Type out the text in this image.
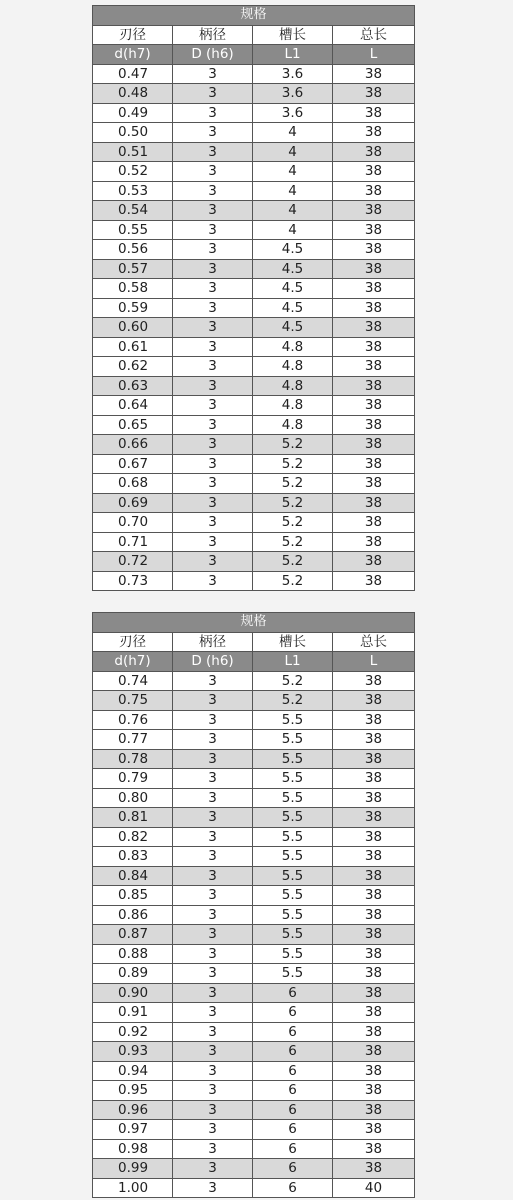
规格			
刃径	柄径	槽长	总长
d(h7)	D (h6)	L1	L
0.47	3	3.6	38
0.48	3	3.6	38
0.49	3	3.6	38
0.50	3	4	38
0.51	3	4	38
0.52	3	4	38
0.53	3	4	38
0.54	3	4	38
0.55	3	4	38
0.56	3	4.5	38
0.57	3	4.5	38
0.58	3	4.5	38
0.59	3	4.5	38
0.60	3	4.5	38
0.61	3	4.8	38
0.62	3	4.8	38
0.63	3	4.8	38
0.64	3	4.8	38
0.65	3	4.8	38
0.66	3	5.2	38
0.67	3	5.2	38
0.68	3	5.2	38
0.69	3	5.2	38
0.70	3	5.2	38
0.71	3	5.2	38
0.72	3	5.2	38
0.73	3	5.2	38
规格			
刃径	柄径	槽长	总长
d(h7)	D (h6)	L1	L
0.74	3	5.2	38
0.75	3	5.2	38
0.76	3	5.5	38
0.77	3	5.5	38
0.78	3	5.5	38
0.79	3	5.5	38
0.80	3	5.5	38
0.81	3	5.5	38
0.82	3	5.5	38
0.83	3	5.5	38
0.84	3	5.5	38
0.85	3	5.5	38
0.86	3	5.5	38
0.87	3	5.5	38
0.88	3	5.5	38
0.89	3	5.5	38
0.90	3	6	38
0.91	3	6	38
0.92	3	6	38
0.93	3	6	38
0.94	3	6	38
0.95	3	6	38
0.96	3	6	38
0.97	3	6	38
0.98	3	6	38
0.99	3	6	38
1.00	3	6	40
